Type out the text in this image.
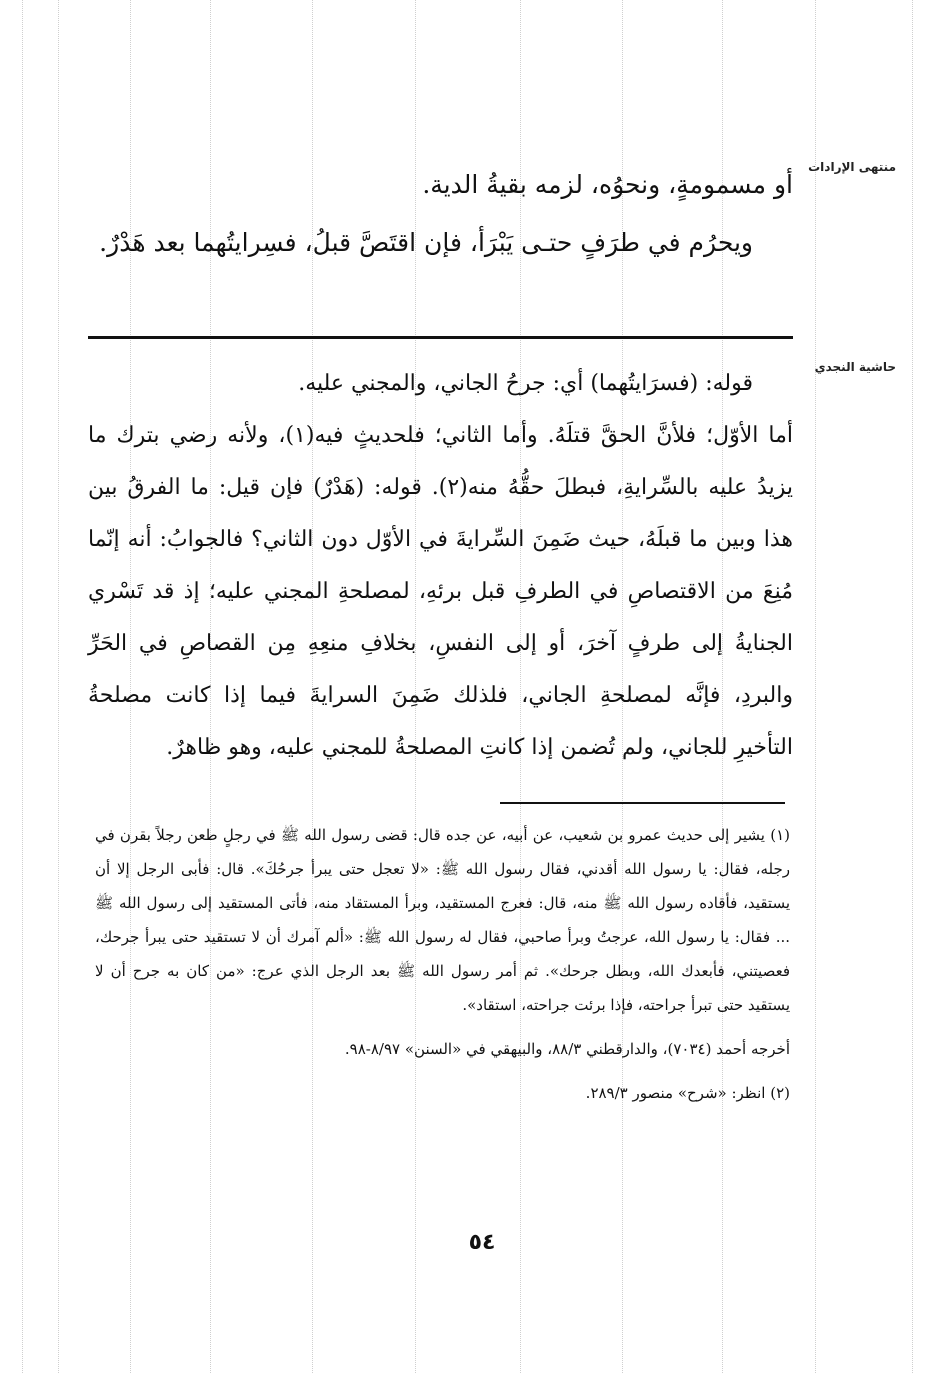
منتهى الإرادات
حاشية النجدي

أو مسمومةٍ، ونحوُه، لزمه بقيةُ الدية.

ويحرُم في طرَفٍ حتـى يَبْرَأ، فإن اقتَصَّ قبلُ، فسِرايتُهما بعد هَدْرٌ.

قوله: (فسرَايتُهما) أي: جرحُ الجاني، والمجني عليه.

أما الأوّل؛ فلأنَّ الحقَّ قتلَهُ. وأما الثاني؛ فلحديثٍ فيه(١)، ولأنه رضي بترك ما يزيدُ عليه بالسِّرايةِ، فبطلَ حقُّهُ منه(٢). قوله: (هَدْرٌ) فإن قيل: ما الفرقُ بين هذا وبين ما قبلَهُ، حيث ضَمِنَ السِّرايةَ في الأوّل دون الثاني؟ فالجوابُ: أنه إنّما مُنِعَ من الاقتصاصِ في الطرفِ قبل برئهِ، لمصلحةِ المجني عليه؛ إذ قد تَسْري الجنايةُ إلى طرفٍ آخرَ، أو إلى النفسِ، بخلافِ منعِهِ مِن القصاصِ في الحَرِّ والبردِ، فإنَّه لمصلحةِ الجاني، فلذلك ضَمِنَ السرايةَ فيما إذا كانت مصلحةُ التأخيرِ للجاني، ولم تُضمن إذا كانتِ المصلحةُ للمجني عليه، وهو ظاهرٌ.

(١) يشير إلى حديث عمرو بن شعيب، عن أبيه، عن جده قال: قضى رسول الله ﷺ في رجلٍ طعن رجلاً بقرن في رجله، فقال: يا رسول الله أقدني، فقال رسول الله ﷺ: «لا تعجل حتى يبرأ جرحُكَ». قال: فأبى الرجل إلا أن يستقيد، فأقاده رسول الله ﷺ منه، قال: فعرج المستقيد، وبرأ المستقاد منه، فأتى المستقيد إلى رسول الله ﷺ ... فقال: يا رسول الله، عرجتُ وبرأ صاحبي، فقال له رسول الله ﷺ: «ألم آمرك أن لا تستقيد حتى يبرأ جرحك، فعصيتني، فأبعدك الله، وبطل جرحك». ثم أمر رسول الله ﷺ بعد الرجل الذي عرج: «من كان به جرح أن لا يستقيد حتى تبرأ جراحته، فإذا برئت جراحته، استقاد».

أخرجه أحمد (٧٠٣٤)، والدارقطني ٨٨/٣، والبيهقي في «السنن» ٨/٩٧-٩٨.

(٢) انظر: «شرح» منصور ٢٨٩/٣.

٥٤
